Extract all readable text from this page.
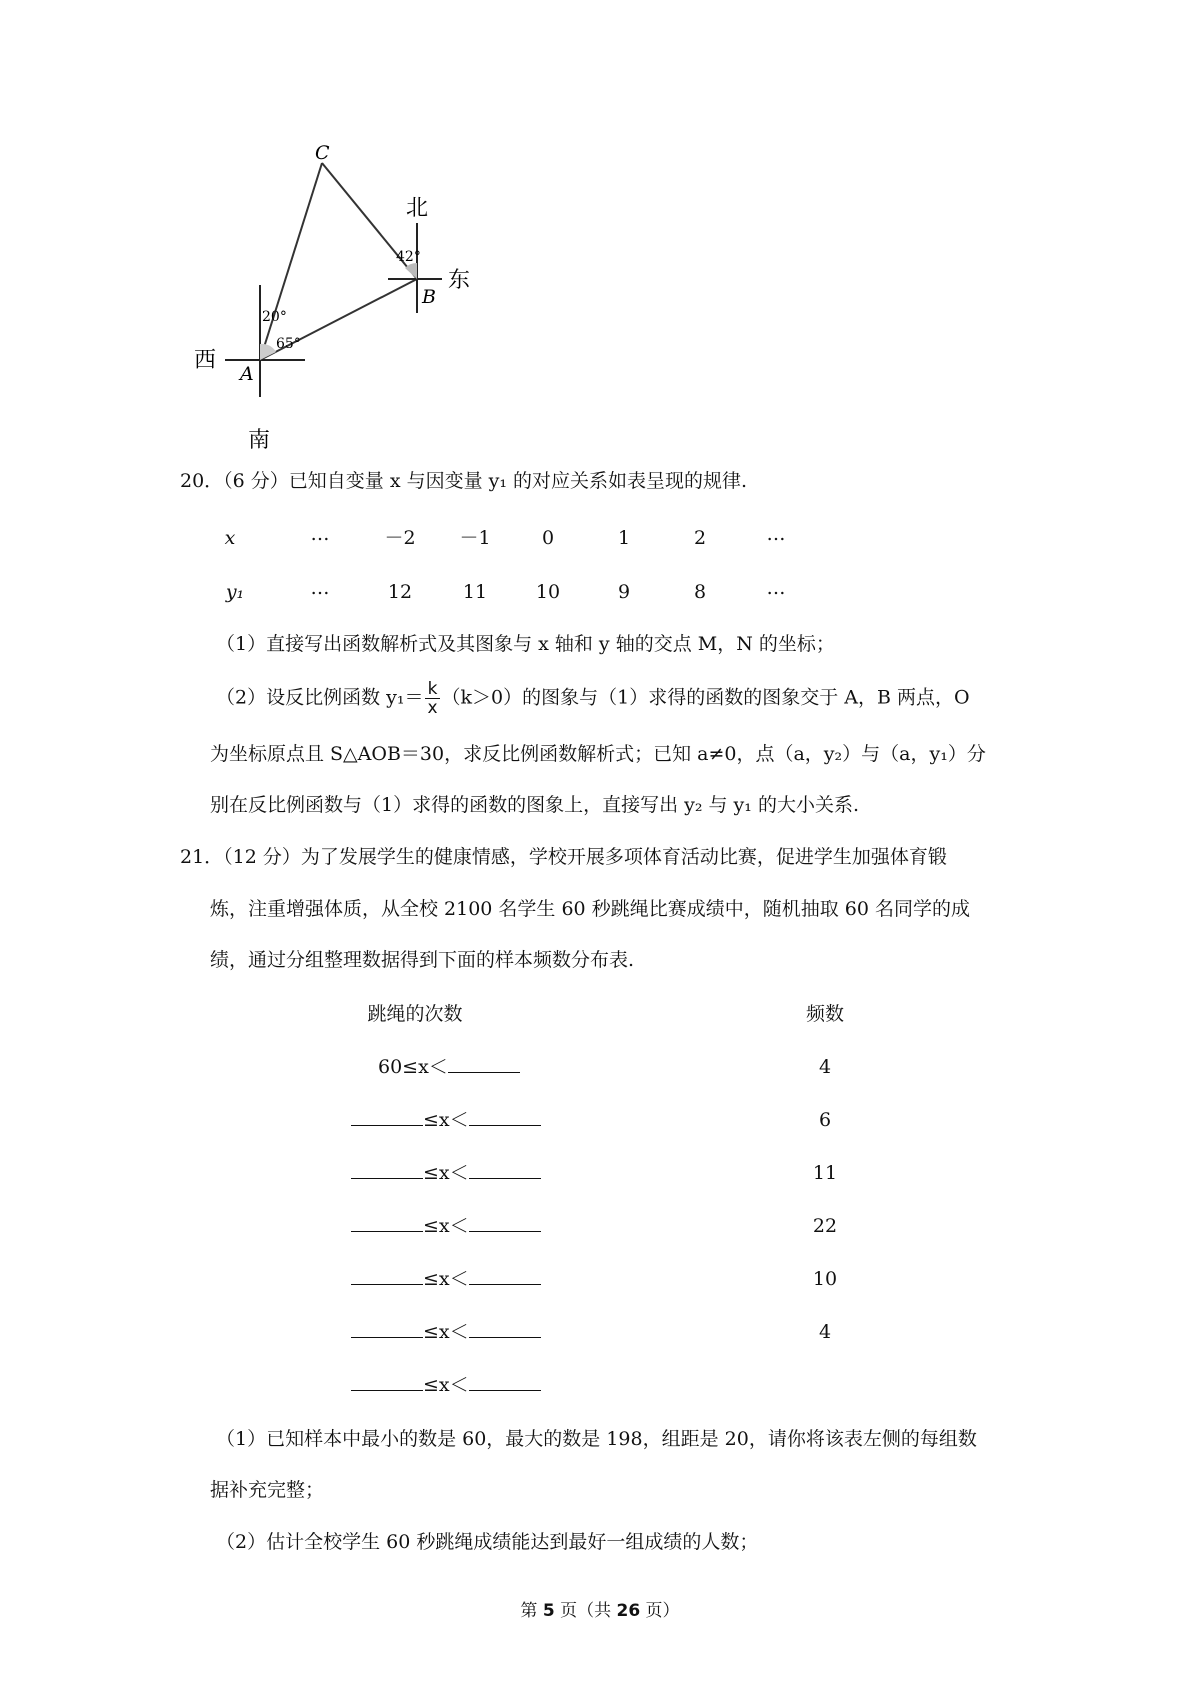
C
B
A
北
东
西
南
42°
20°
65°
20．（6 分）已知自变量 x 与因变量 y₁ 的对应关系如表呈现的规律.
x	…	－2	－1	0	1	2	…
y₁	…	12	11	10	9	8	…
（1）直接写出函数解析式及其图象与 x 轴和 y 轴的交点 M，N 的坐标；
（2）设反比例函数 $y_1= \frac{k}{x} (k>0)$的图象与（1）求得的函数的图象交于 A，B 两点，O
为坐标原点且 S△AOB＝30，求反比例函数解析式；已知 a≠0，点（a，y₂）与（a，y₁）分
别在反比例函数与（1）求得的函数的图象上，直接写出 y₂ 与 y₁ 的大小关系.
21．（12 分）为了发展学生的健康情感，学校开展多项体育活动比赛，促进学生加强体育锻
炼，注重增强体质，从全校 2100 名学生 60 秒跳绳比赛成绩中，随机抽取 60 名同学的成
绩，通过分组整理数据得到下面的样本频数分布表.
跳绳的次数	频数
60≤x＜	4
≤x＜	6
≤x＜	11
≤x＜	22
≤x＜	10
≤x＜	4
≤x＜
（1）已知样本中最小的数是 60，最大的数是 198，组距是 20，请你将该表左侧的每组数
据补充完整；
（2）估计全校学生 60 秒跳绳成绩能达到最好一组成绩的人数；
第 5 页（共 26 页）
